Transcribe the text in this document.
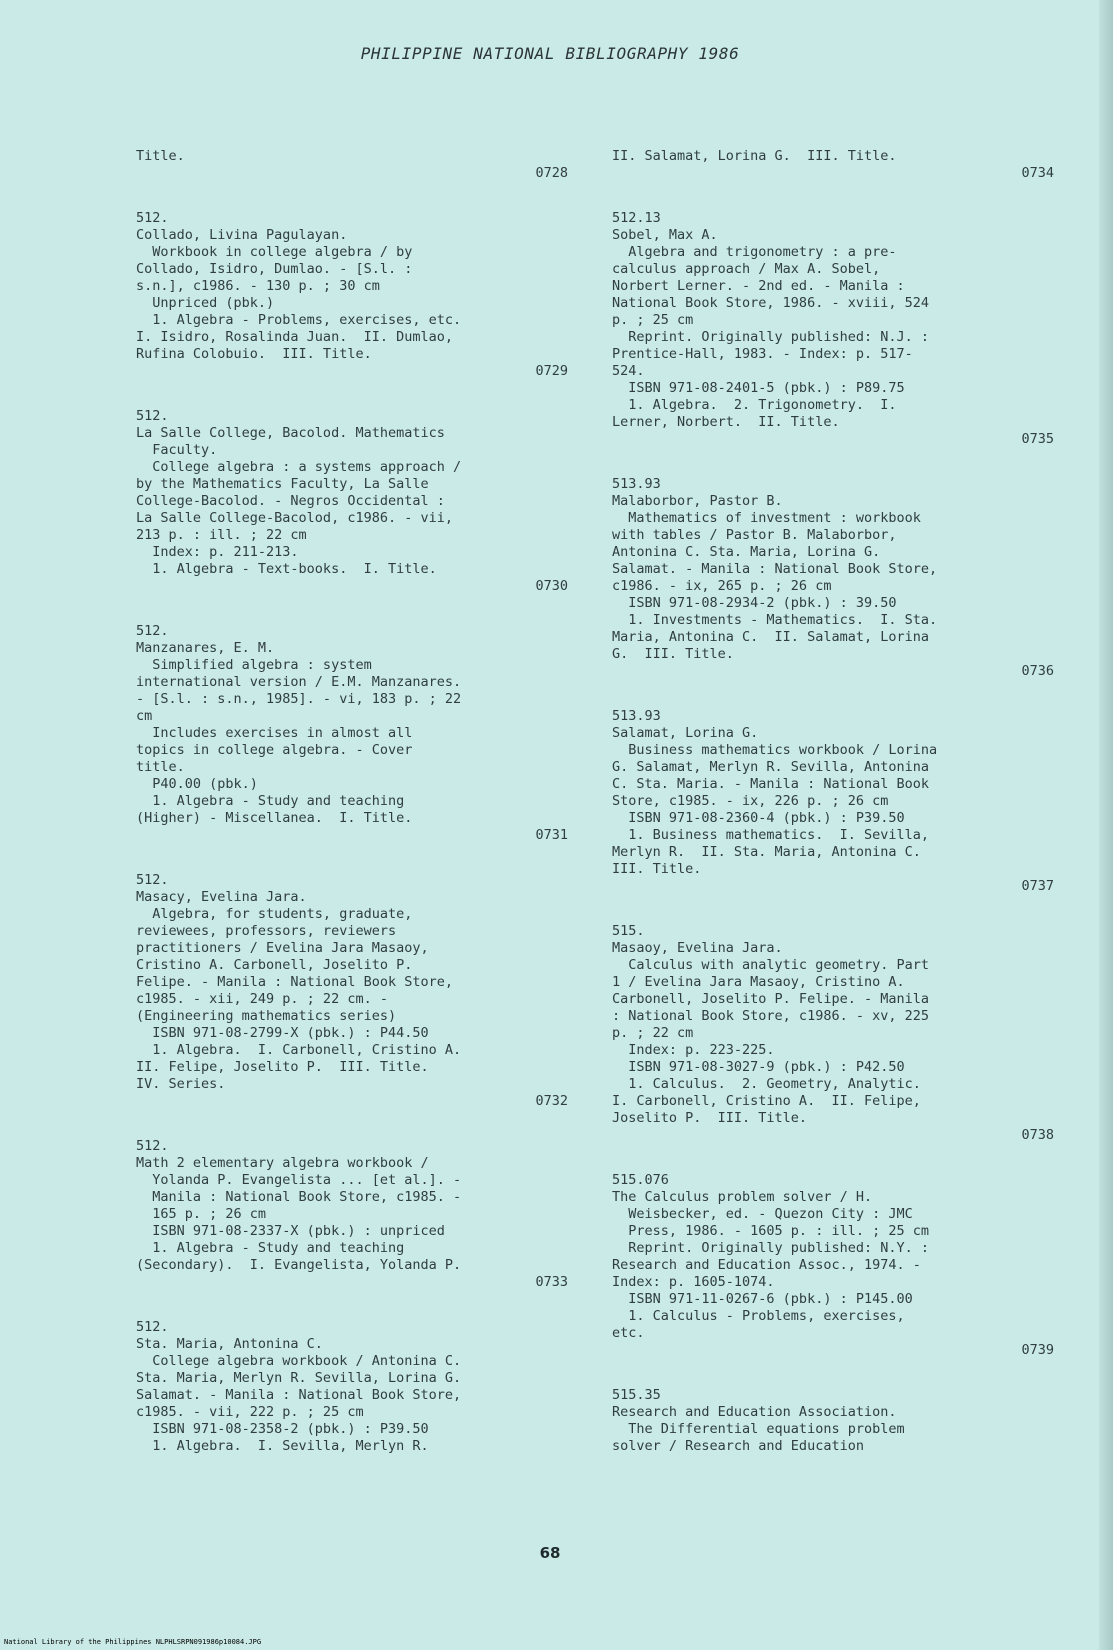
PHILIPPINE NATIONAL BIBLIOGRAPHY 1986
Title.
0728
512.
Collado, Livina Pagulayan.
Workbook in college algebra / by
Collado, Isidro, Dumlao. - [S.l. :
s.n.], c1986. - 130 p. ; 30 cm
Unpriced (pbk.)
1. Algebra - Problems, exercises, etc.
I. Isidro, Rosalinda Juan.  II. Dumlao,
Rufina Colobuio.  III. Title.
0729
512.
La Salle College, Bacolod. Mathematics
Faculty.
College algebra : a systems approach /
by the Mathematics Faculty, La Salle
College-Bacolod. - Negros Occidental :
La Salle College-Bacolod, c1986. - vii,
213 p. : ill. ; 22 cm
Index: p. 211-213.
1. Algebra - Text-books.  I. Title.
0730
512.
Manzanares, E. M.
Simplified algebra : system
international version / E.M. Manzanares.
- [S.l. : s.n., 1985]. - vi, 183 p. ; 22
cm
Includes exercises in almost all
topics in college algebra. - Cover
title.
P40.00 (pbk.)
1. Algebra - Study and teaching
(Higher) - Miscellanea.  I. Title.
0731
512.
Masacy, Evelina Jara.
Algebra, for students, graduate,
reviewees, professors, reviewers
practitioners / Evelina Jara Masaoy,
Cristino A. Carbonell, Joselito P.
Felipe. - Manila : National Book Store,
c1985. - xii, 249 p. ; 22 cm. -
(Engineering mathematics series)
ISBN 971-08-2799-X (pbk.) : P44.50
1. Algebra.  I. Carbonell, Cristino A.
II. Felipe, Joselito P.  III. Title.
IV. Series.
0732
512.
Math 2 elementary algebra workbook /
Yolanda P. Evangelista ... [et al.]. -
Manila : National Book Store, c1985. -
165 p. ; 26 cm
ISBN 971-08-2337-X (pbk.) : unpriced
1. Algebra - Study and teaching
(Secondary).  I. Evangelista, Yolanda P.
0733
512.
Sta. Maria, Antonina C.
College algebra workbook / Antonina C.
Sta. Maria, Merlyn R. Sevilla, Lorina G.
Salamat. - Manila : National Book Store,
c1985. - vii, 222 p. ; 25 cm
ISBN 971-08-2358-2 (pbk.) : P39.50
1. Algebra.  I. Sevilla, Merlyn R.
II. Salamat, Lorina G.  III. Title.
0734
512.13
Sobel, Max A.
Algebra and trigonometry : a pre-
calculus approach / Max A. Sobel,
Norbert Lerner. - 2nd ed. - Manila :
National Book Store, 1986. - xviii, 524
p. ; 25 cm
Reprint. Originally published: N.J. :
Prentice-Hall, 1983. - Index: p. 517-
524.
ISBN 971-08-2401-5 (pbk.) : P89.75
1. Algebra.  2. Trigonometry.  I.
Lerner, Norbert.  II. Title.
0735
513.93
Malaborbor, Pastor B.
Mathematics of investment : workbook
with tables / Pastor B. Malaborbor,
Antonina C. Sta. Maria, Lorina G.
Salamat. - Manila : National Book Store,
c1986. - ix, 265 p. ; 26 cm
ISBN 971-08-2934-2 (pbk.) : 39.50
1. Investments - Mathematics.  I. Sta.
Maria, Antonina C.  II. Salamat, Lorina
G.  III. Title.
0736
513.93
Salamat, Lorina G.
Business mathematics workbook / Lorina
G. Salamat, Merlyn R. Sevilla, Antonina
C. Sta. Maria. - Manila : National Book
Store, c1985. - ix, 226 p. ; 26 cm
ISBN 971-08-2360-4 (pbk.) : P39.50
1. Business mathematics.  I. Sevilla,
Merlyn R.  II. Sta. Maria, Antonina C.
III. Title.
0737
515.
Masaoy, Evelina Jara.
Calculus with analytic geometry. Part
1 / Evelina Jara Masaoy, Cristino A.
Carbonell, Joselito P. Felipe. - Manila
: National Book Store, c1986. - xv, 225
p. ; 22 cm
Index: p. 223-225.
ISBN 971-08-3027-9 (pbk.) : P42.50
1. Calculus.  2. Geometry, Analytic.
I. Carbonell, Cristino A.  II. Felipe,
Joselito P.  III. Title.
0738
515.076
The Calculus problem solver / H.
Weisbecker, ed. - Quezon City : JMC
Press, 1986. - 1605 p. : ill. ; 25 cm
Reprint. Originally published: N.Y. :
Research and Education Assoc., 1974. -
Index: p. 1605-1074.
ISBN 971-11-0267-6 (pbk.) : P145.00
1. Calculus - Problems, exercises,
etc.
0739
515.35
Research and Education Association.
The Differential equations problem
solver / Research and Education
68
National Library of the Philippines NLPHLSRPN091986p10084.JPG
